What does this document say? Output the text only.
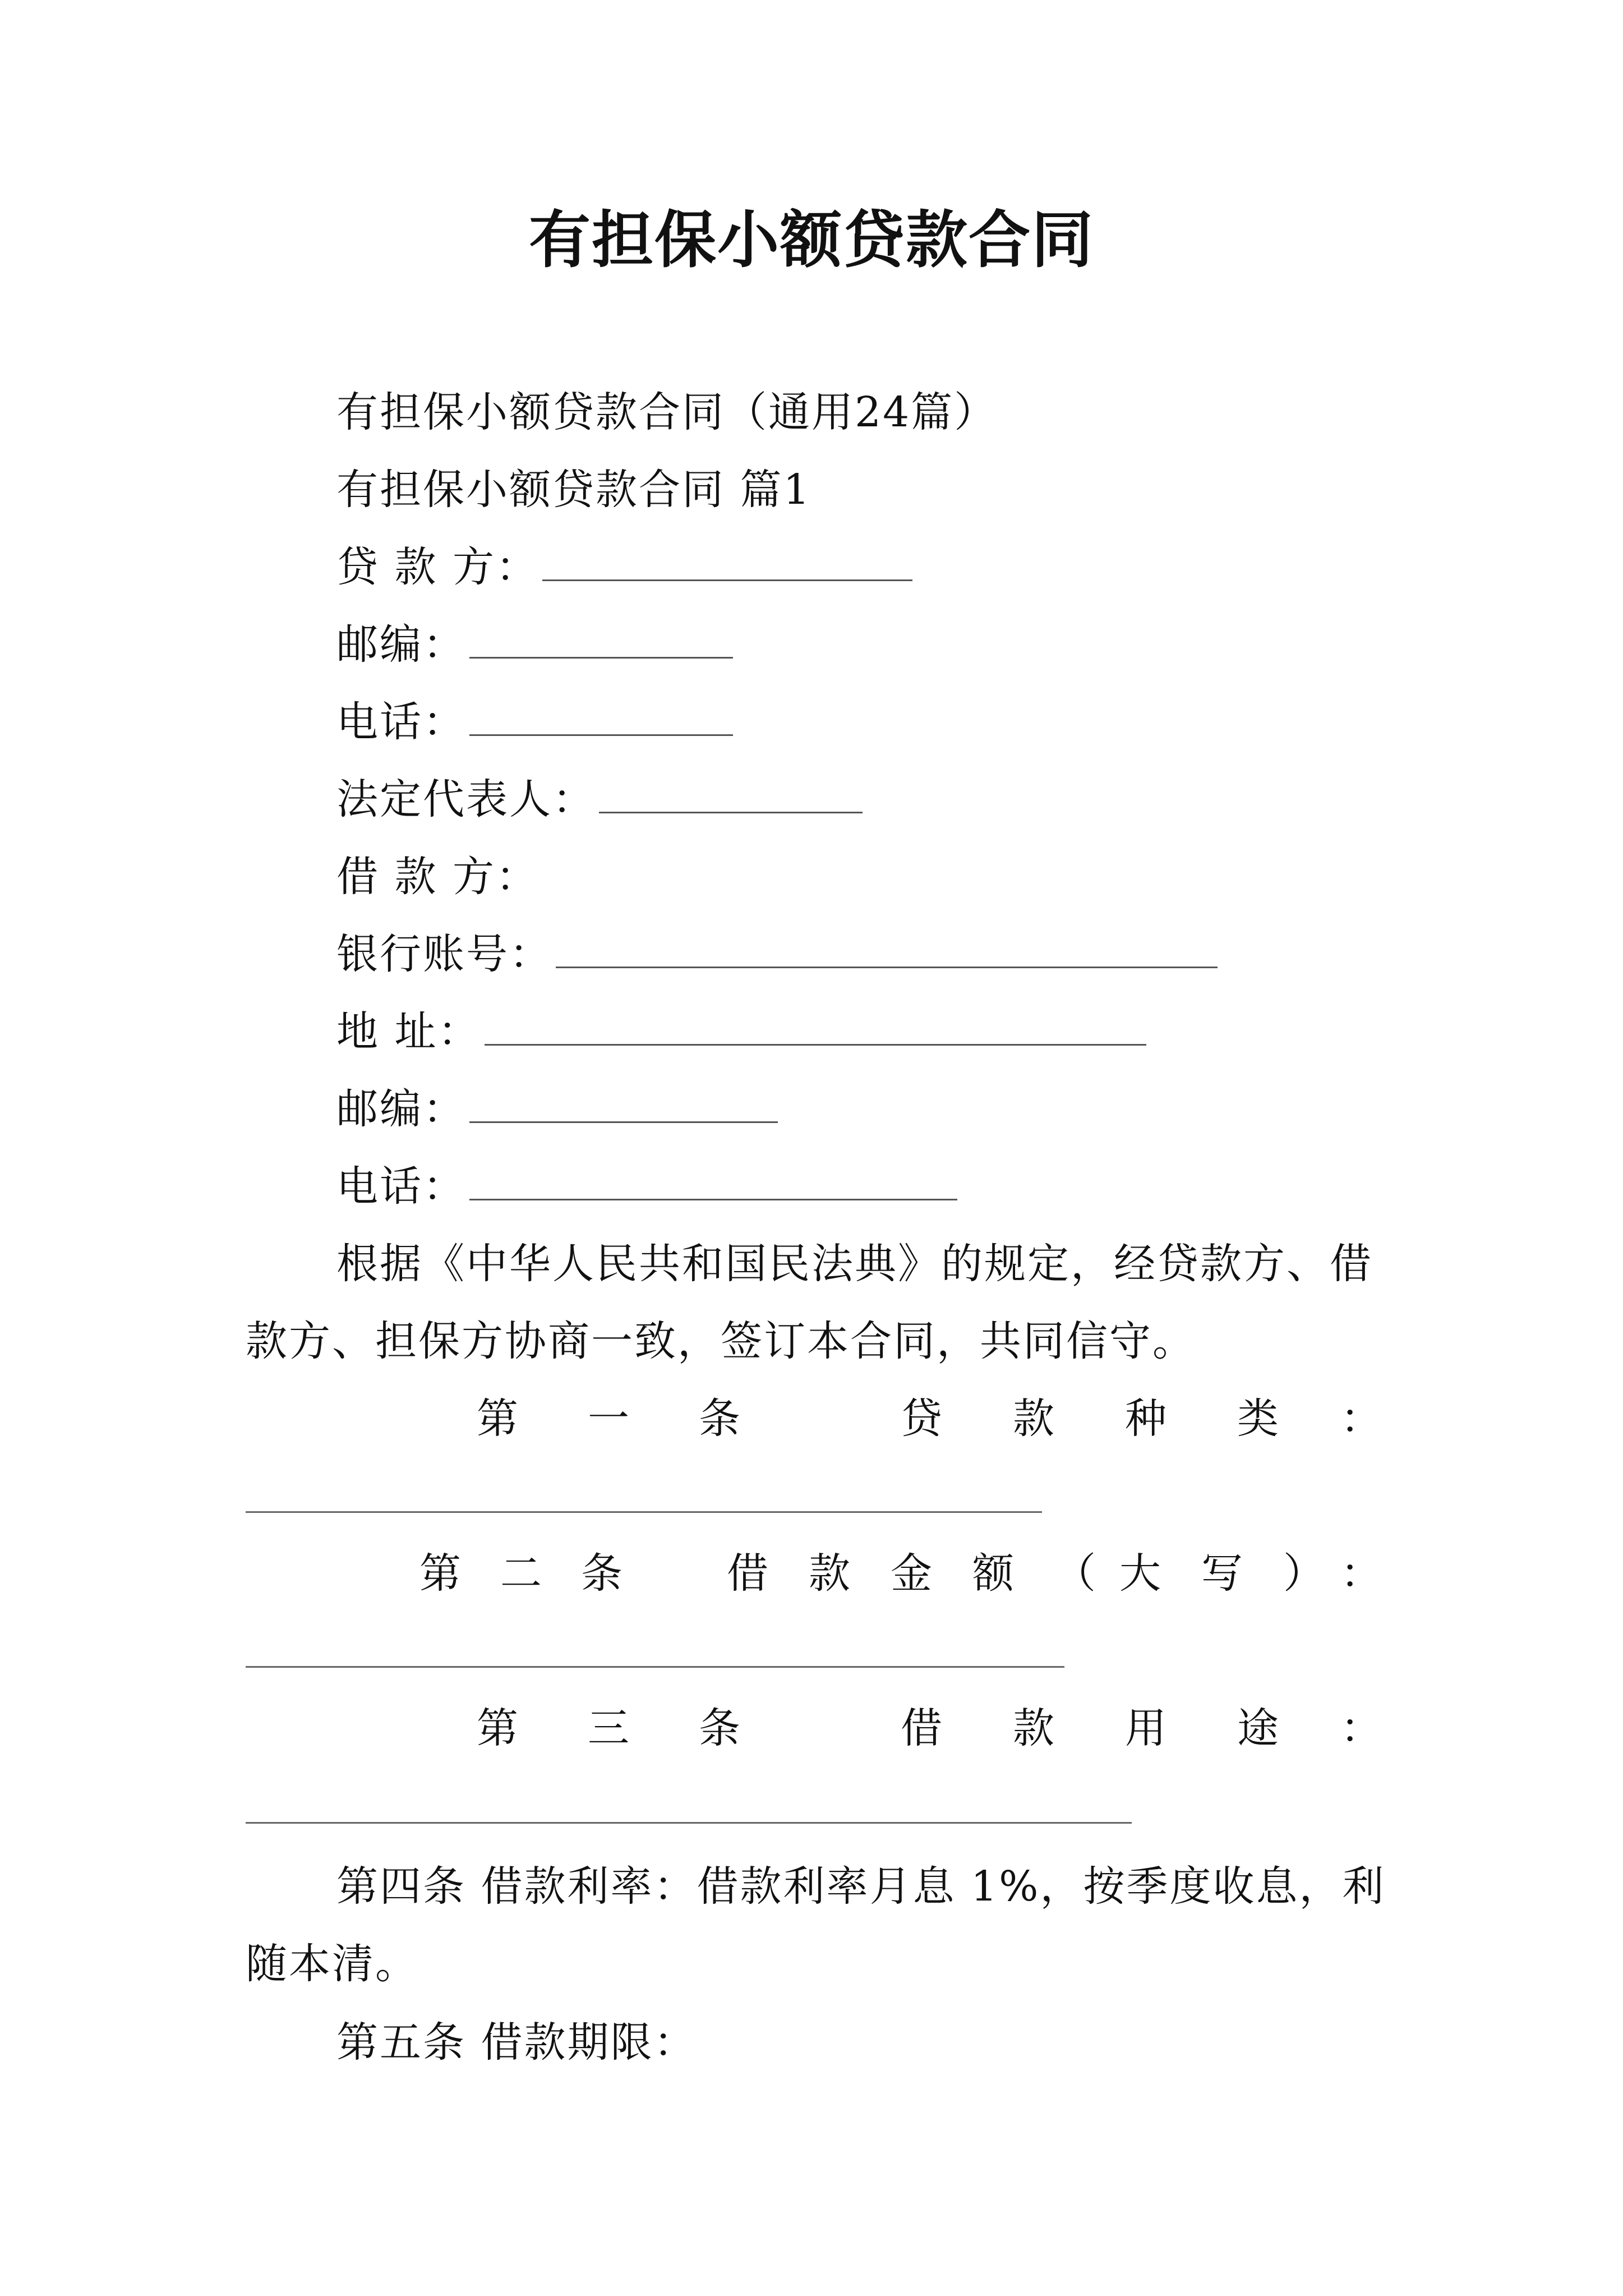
有担保小额贷款合同
有担保小额贷款合同（通用24篇）
有担保小额贷款合同 篇1
贷 款 方：
邮编：
电话：
法定代表人：
借 款 方：
银行账号：
地 址：
邮编：
电话：
根据《中华人民共和国民法典》的规定，经贷款方、借
款方、担保方协商一致，签订本合同，共同信守。
第 一 条	贷 款 种 类 ：
第 二 条	借 款 金 额 （ 大 写 ） ：
第 三 条	借 款 用 途 ：
第四条 借款利率：借款利率月息 1%，按季度收息，利
随本清。
第五条 借款期限：
